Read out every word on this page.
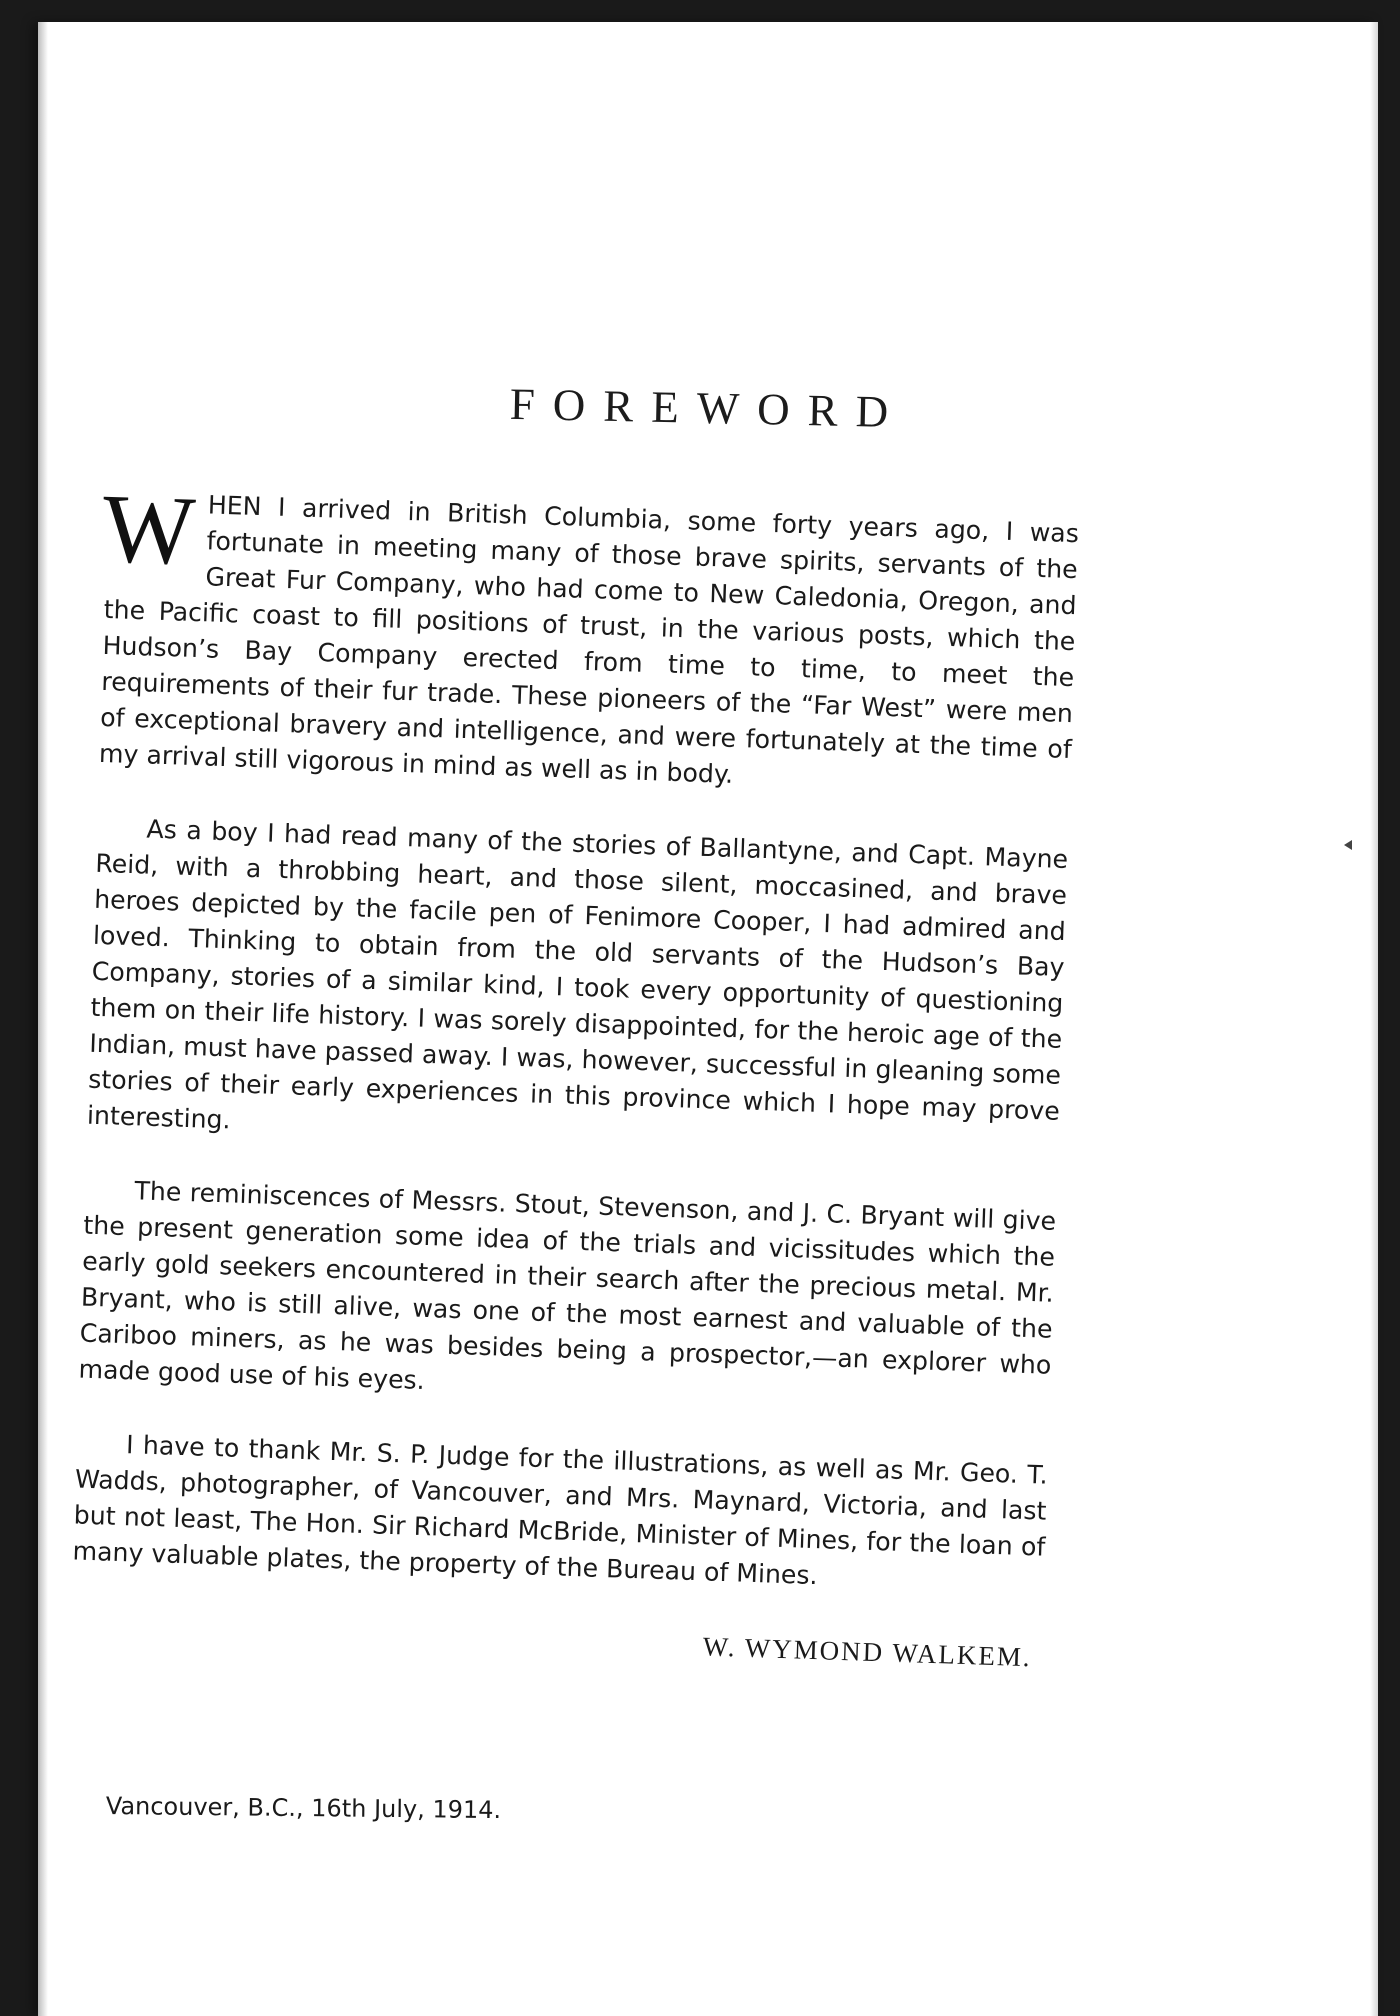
FOREWORD

WHEN I arrived in British Columbia, some forty years ago, I was fortunate in meeting many of those brave spirits, servants of the Great Fur Company, who had come to New Caledonia, Oregon, and the Pacific coast to fill positions of trust, in the various posts, which the Hudson’s Bay Company erected from time to time, to meet the requirements of their fur trade. These pioneers of the “Far West” were men of exceptional bravery and intelligence, and were fortunately at the time of my arrival still vigorous in mind as well as in body.

As a boy I had read many of the stories of Ballantyne, and Capt. Mayne Reid, with a throbbing heart, and those silent, moccasined, and brave heroes depicted by the facile pen of Fenimore Cooper, I had admired and loved. Thinking to obtain from the old servants of the Hudson’s Bay Company, stories of a similar kind, I took every opportunity of questioning them on their life history. I was sorely disappointed, for the heroic age of the Indian, must have passed away. I was, however, successful in gleaning some stories of their early experiences in this province which I hope may prove interesting.

The reminiscences of Messrs. Stout, Stevenson, and J. C. Bryant will give the present generation some idea of the trials and vicissitudes which the early gold seekers encountered in their search after the precious metal. Mr. Bryant, who is still alive, was one of the most earnest and valuable of the Cariboo miners, as he was besides being a prospector,—an explorer who made good use of his eyes.

I have to thank Mr. S. P. Judge for the illustrations, as well as Mr. Geo. T. Wadds, photographer, of Vancouver, and Mrs. Maynard, Victoria, and last but not least, The Hon. Sir Richard McBride, Minister of Mines, for the loan of many valuable plates, the property of the Bureau of Mines.

W. WYMOND WALKEM.

Vancouver, B.C., 16th July, 1914.
